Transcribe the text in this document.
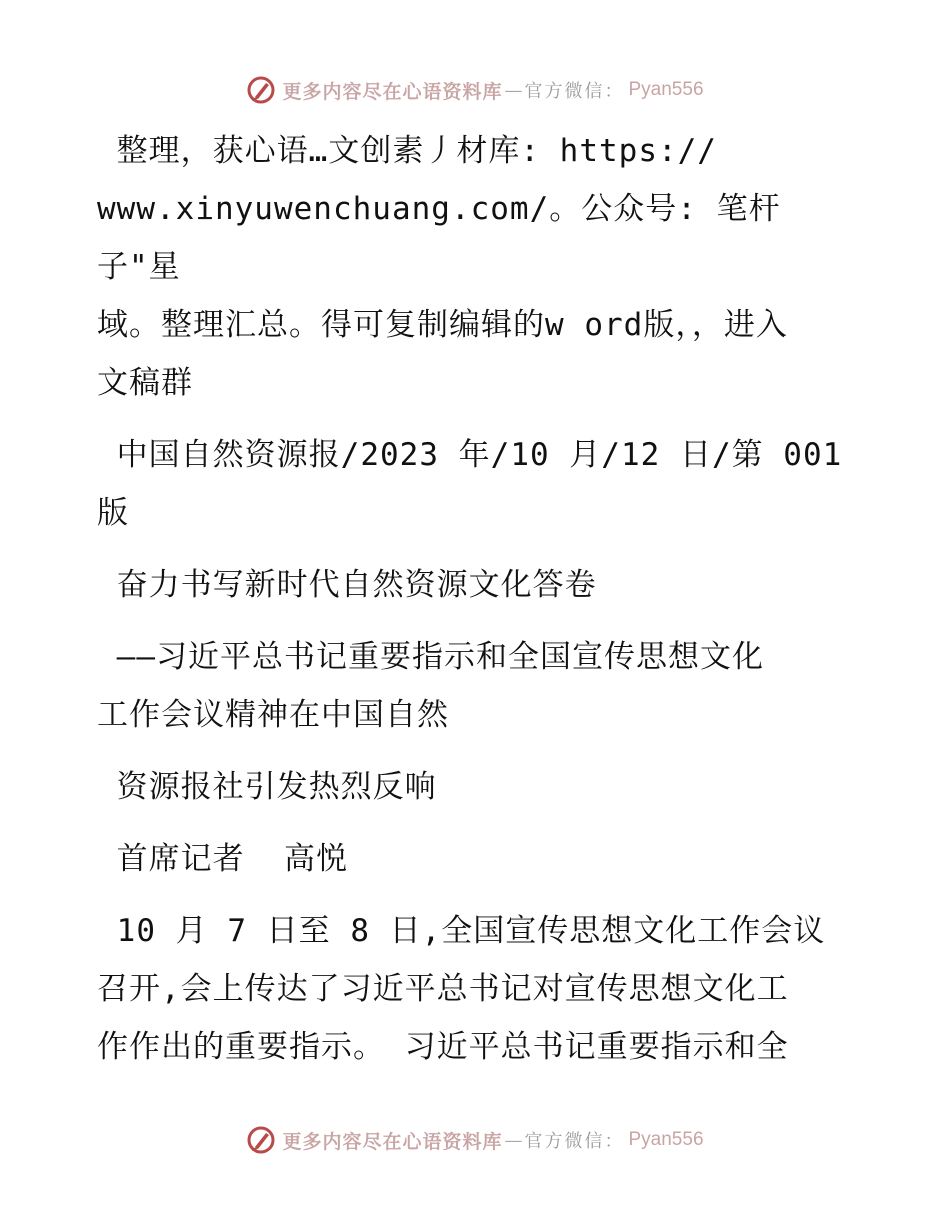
更多内容尽在心语资料库 — 官方微信： Pyan556

整理，获心语…文创素丿材库: https://
www.xinyuwenchuang.com/。公众号: 笔杆子"星
域。整理汇总。得可复制编辑的w ord版，，进入
文稿群

中国自然资源报/2023 年/10 月/12 日/第 001
版

奋力书写新时代自然资源文化答卷

——习近平总书记重要指示和全国宣传思想文化
工作会议精神在中国自然

资源报社引发热烈反响

首席记者  高悦

10 月 7 日至 8 日,全国宣传思想文化工作会议
召开,会上传达了习近平总书记对宣传思想文化工
作作出的重要指示。 习近平总书记重要指示和全

更多内容尽在心语资料库 — 官方微信： Pyan556
